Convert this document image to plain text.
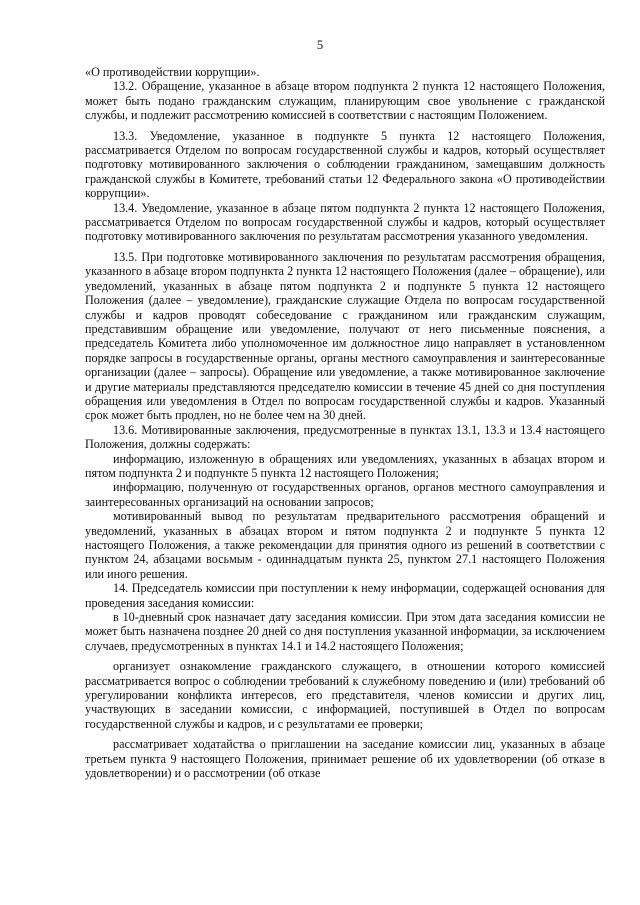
5

«О противодействии коррупции».

13.2. Обращение, указанное в абзаце втором подпункта 2 пункта 12 настоящего Положения, может быть подано гражданским служащим, планирующим свое увольнение с гражданской службы, и подлежит рассмотрению комиссией в соответствии с настоящим Положением.

13.3. Уведомление, указанное в подпункте 5 пункта 12 настоящего Положения, рассматривается Отделом по вопросам государственной службы и кадров, который осуществляет подготовку мотивированного заключения о соблюдении гражданином, замещавшим должность гражданской службы в Комитете, требований статьи 12 Федерального закона «О противодействии коррупции».

13.4. Уведомление, указанное в абзаце пятом подпункта 2 пункта 12 настоящего Положения, рассматривается Отделом по вопросам государственной службы и кадров, который осуществляет подготовку мотивированного заключения по результатам рассмотрения указанного уведомления.

13.5. При подготовке мотивированного заключения по результатам рассмотрения обращения, указанного в абзаце втором подпункта 2 пункта 12 настоящего Положения (далее – обращение), или уведомлений, указанных в абзаце пятом подпункта 2 и подпункте 5 пункта 12 настоящего Положения (далее – уведомление), гражданские служащие Отдела по вопросам государственной службы и кадров проводят собеседование с гражданином или гражданским служащим, представившим обращение или уведомление, получают от него письменные пояснения, а председатель Комитета либо уполномоченное им должностное лицо направляет в установленном порядке запросы в государственные органы, органы местного самоуправления и заинтересованные организации (далее – запросы). Обращение или уведомление, а также мотивированное заключение и другие материалы представляются председателю комиссии в течение 45 дней со дня поступления обращения или уведомления в Отдел по вопросам государственной службы и кадров. Указанный срок может быть продлен, но не более чем на 30 дней.

13.6. Мотивированные заключения, предусмотренные в пунктах 13.1, 13.3 и 13.4 настоящего Положения, должны содержать:

информацию, изложенную в обращениях или уведомлениях, указанных в абзацах втором и пятом подпункта 2 и подпункте 5 пункта 12 настоящего Положения;

информацию, полученную от государственных органов, органов местного самоуправления и заинтересованных организаций на основании запросов;

мотивированный вывод по результатам предварительного рассмотрения обращений и уведомлений, указанных в абзацах втором и пятом подпункта 2 и подпункте 5 пункта 12 настоящего Положения, а также рекомендации для принятия одного из решений в соответствии с пунктом 24, абзацами восьмым - одиннадцатым пункта 25, пунктом 27.1 настоящего Положения или иного решения.

14. Председатель комиссии при поступлении к нему информации, содержащей основания для проведения заседания комиссии:

в 10-дневный срок назначает дату заседания комиссии. При этом дата заседания комиссии не может быть назначена позднее 20 дней со дня поступления указанной информации, за исключением случаев, предусмотренных в пунктах 14.1 и 14.2 настоящего Положения;

организует ознакомление гражданского служащего, в отношении которого комиссией рассматривается вопрос о соблюдении требований к служебному поведению и (или) требований об урегулировании конфликта интересов, его представителя, членов комиссии и других лиц, участвующих в заседании комиссии, с информацией, поступившей в Отдел по вопросам государственной службы и кадров, и с результатами ее проверки;

рассматривает ходатайства о приглашении на заседание комиссии лиц, указанных в абзаце третьем пункта 9 настоящего Положения, принимает решение об их удовлетворении (об отказе в удовлетворении) и о рассмотрении (об отказе
